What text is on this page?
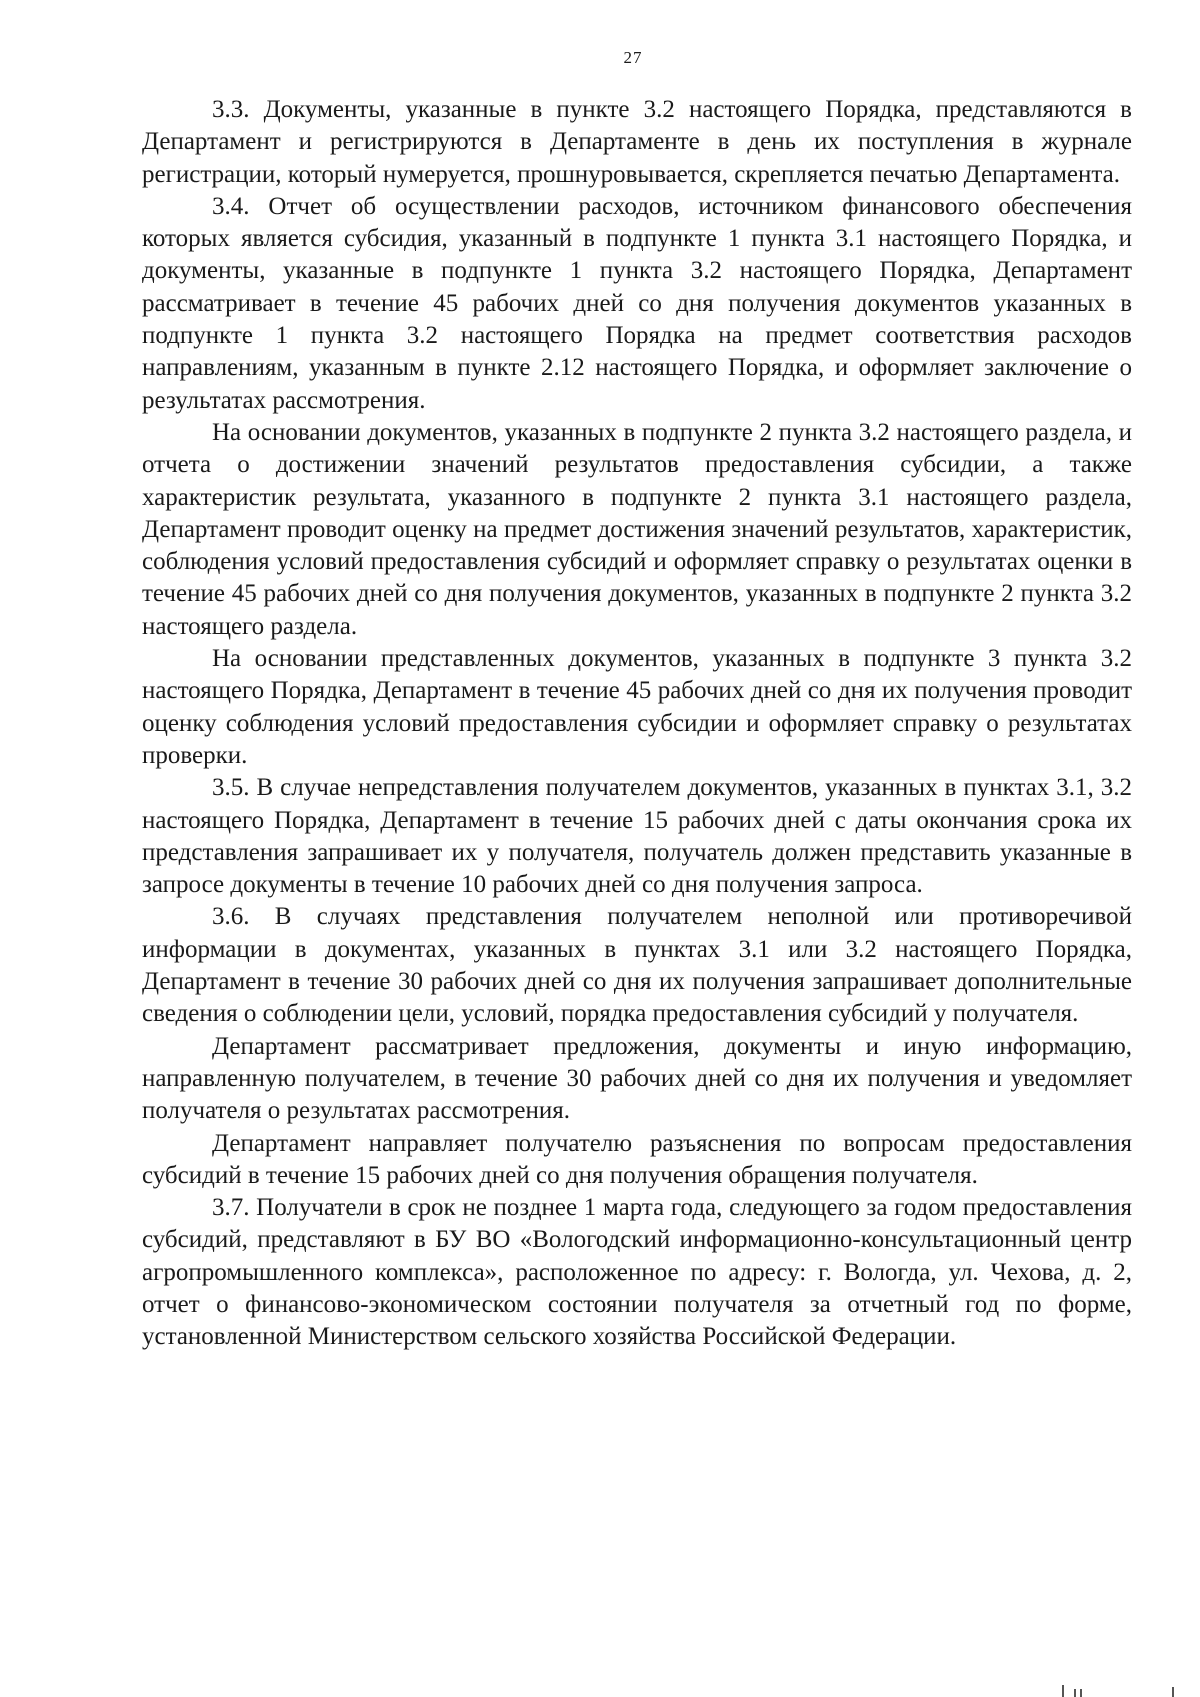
27

3.3. Документы, указанные в пункте 3.2 настоящего Порядка, представляются в Департамент и регистрируются в Департаменте в день их поступления в журнале регистрации, который нумеруется, прошнуровывается, скрепляется печатью Департамента.

3.4. Отчет об осуществлении расходов, источником финансового обеспечения которых является субсидия, указанный в подпункте 1 пункта 3.1 настоящего Порядка, и документы, указанные в подпункте 1 пункта 3.2 настоящего Порядка, Департамент рассматривает в течение 45 рабочих дней со дня получения документов указанных в подпункте 1 пункта 3.2 настоящего Порядка на предмет соответствия расходов направлениям, указанным в пункте 2.12 настоящего Порядка, и оформляет заключение о результатах рассмотрения.

На основании документов, указанных в подпункте 2 пункта 3.2 настоящего раздела, и отчета о достижении значений результатов предоставления субсидии, а также характеристик результата, указанного в подпункте 2 пункта 3.1 настоящего раздела, Департамент проводит оценку на предмет достижения значений результатов, характеристик, соблюдения условий предоставления субсидий и оформляет справку о результатах оценки в течение 45 рабочих дней со дня получения документов, указанных в подпункте 2 пункта 3.2 настоящего раздела.

На основании представленных документов, указанных в подпункте 3 пункта 3.2 настоящего Порядка, Департамент в течение 45 рабочих дней со дня их получения проводит оценку соблюдения условий предоставления субсидии и оформляет справку о результатах проверки.

3.5. В случае непредставления получателем документов, указанных в пунктах 3.1, 3.2 настоящего Порядка, Департамент в течение 15 рабочих дней с даты окончания срока их представления запрашивает их у получателя, получатель должен представить указанные в запросе документы в течение 10 рабочих дней со дня получения запроса.

3.6. В случаях представления получателем неполной или противоречивой информации в документах, указанных в пунктах 3.1 или 3.2 настоящего Порядка, Департамент в течение 30 рабочих дней со дня их получения запрашивает дополнительные сведения о соблюдении цели, условий, порядка предоставления субсидий у получателя.

Департамент рассматривает предложения, документы и иную информацию, направленную получателем, в течение 30 рабочих дней со дня их получения и уведомляет получателя о результатах рассмотрения.

Департамент направляет получателю разъяснения по вопросам предоставления субсидий в течение 15 рабочих дней со дня получения обращения получателя.

3.7. Получатели в срок не позднее 1 марта года, следующего за годом предоставления субсидий, представляют в БУ ВО «Вологодский информационно-консультационный центр агропромышленного комплекса», расположенное по адресу: г. Вологда, ул. Чехова, д. 2, отчет о финансово-экономическом состоянии получателя за отчетный год по форме, установленной Министерством сельского хозяйства Российской Федерации.
